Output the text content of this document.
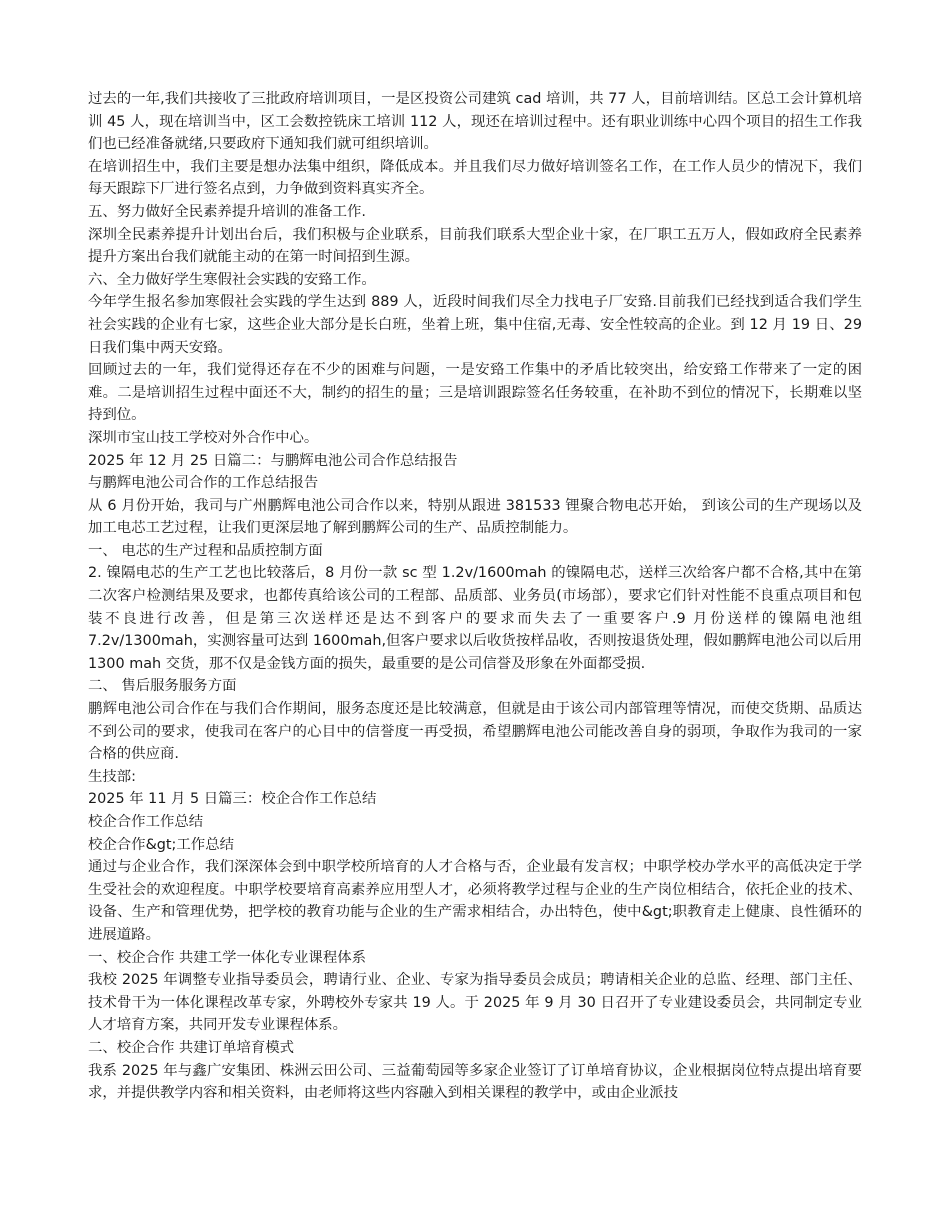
过去的一年,我们共接收了三批政府培训项目，一是区投资公司建筑 cad 培训，共 77 人，目前培训结。区总工会计算机培训 45 人，现在培训当中，区工会数控铣床工培训 112 人，现还在培训过程中。还有职业训练中心四个项目的招生工作我们也已经准备就绪,只要政府下通知我们就可组织培训。

在培训招生中，我们主要是想办法集中组织，降低成本。并且我们尽力做好培训签名工作，在工作人员少的情况下，我们每天跟踪下厂进行签名点到，力争做到资料真实齐全。

五、努力做好全民素养提升培训的准备工作.

深圳全民素养提升计划出台后，我们积极与企业联系，目前我们联系大型企业十家，在厂职工五万人，假如政府全民素养提升方案出台我们就能主动的在第一时间招到生源。

六、全力做好学生寒假社会实践的安臵工作。

今年学生报名参加寒假社会实践的学生达到 889 人，近段时间我们尽全力找电子厂安臵.目前我们已经找到适合我们学生社会实践的企业有七家，这些企业大部分是长白班，坐着上班，集中住宿,无毒、安全性较高的企业。到 12 月 19 日、29 日我们集中两天安臵。

回顾过去的一年，我们觉得还存在不少的困难与问题，一是安臵工作集中的矛盾比较突出，给安臵工作带来了一定的困难。二是培训招生过程中面还不大，制约的招生的量；三是培训跟踪签名任务较重，在补助不到位的情况下，长期难以坚持到位。

深圳市宝山技工学校对外合作中心。

2025 年 12 月 25 日篇二：与鹏辉电池公司合作总结报告

与鹏辉电池公司合作的工作总结报告

从 6 月份开始，我司与广州鹏辉电池公司合作以来，特别从跟进 381533 锂聚合物电芯开始， 到该公司的生产现场以及加工电芯工艺过程，让我们更深层地了解到鹏辉公司的生产、品质控制能力。

一、 电芯的生产过程和品质控制方面

2. 镍隔电芯的生产工艺也比较落后，8 月份一款 sc 型 1.2v/1600mah 的镍隔电芯，送样三次给客户都不合格,其中在第二次客户检测结果及要求，也都传真给该公司的工程部、品质部、业务员(市场部），要求它们针对性能不良重点项目和包装不良进行改善，但是第三次送样还是达不到客户的要求而失去了一重要客户.9 月份送样的镍隔电池组 7.2v/1300mah，实测容量可达到 1600mah,但客户要求以后收货按样品收，否则按退货处理，假如鹏辉电池公司以后用 1300 mah 交货，那不仅是金钱方面的损失，最重要的是公司信誉及形象在外面都受损.

二、 售后服务服务方面

鹏辉电池公司合作在与我们合作期间，服务态度还是比较满意，但就是由于该公司内部管理等情况，而使交货期、品质达不到公司的要求，使我司在客户的心目中的信誉度一再受损，希望鹏辉电池公司能改善自身的弱项，争取作为我司的一家合格的供应商.

生技部:

2025 年 11 月 5 日篇三：校企合作工作总结

校企合作工作总结

校企合作&gt;工作总结

通过与企业合作，我们深深体会到中职学校所培育的人才合格与否，企业最有发言权；中职学校办学水平的高低决定于学生受社会的欢迎程度。中职学校要培育高素养应用型人才，必须将教学过程与企业的生产岗位相结合，依托企业的技术、设备、生产和管理优势，把学校的教育功能与企业的生产需求相结合，办出特色，使中&gt;职教育走上健康、良性循环的进展道路。

一、校企合作 共建工学一体化专业课程体系

我校 2025 年调整专业指导委员会，聘请行业、企业、专家为指导委员会成员；聘请相关企业的总监、经理、部门主任、技术骨干为一体化课程改革专家，外聘校外专家共 19 人。于 2025 年 9 月 30 日召开了专业建设委员会，共同制定专业人才培育方案，共同开发专业课程体系。

二、校企合作 共建订单培育模式

我系 2025 年与鑫广安集团、株洲云田公司、三益葡萄园等多家企业签订了订单培育协议，企业根据岗位特点提出培育要求，并提供教学内容和相关资料，由老师将这些内容融入到相关课程的教学中，或由企业派技
